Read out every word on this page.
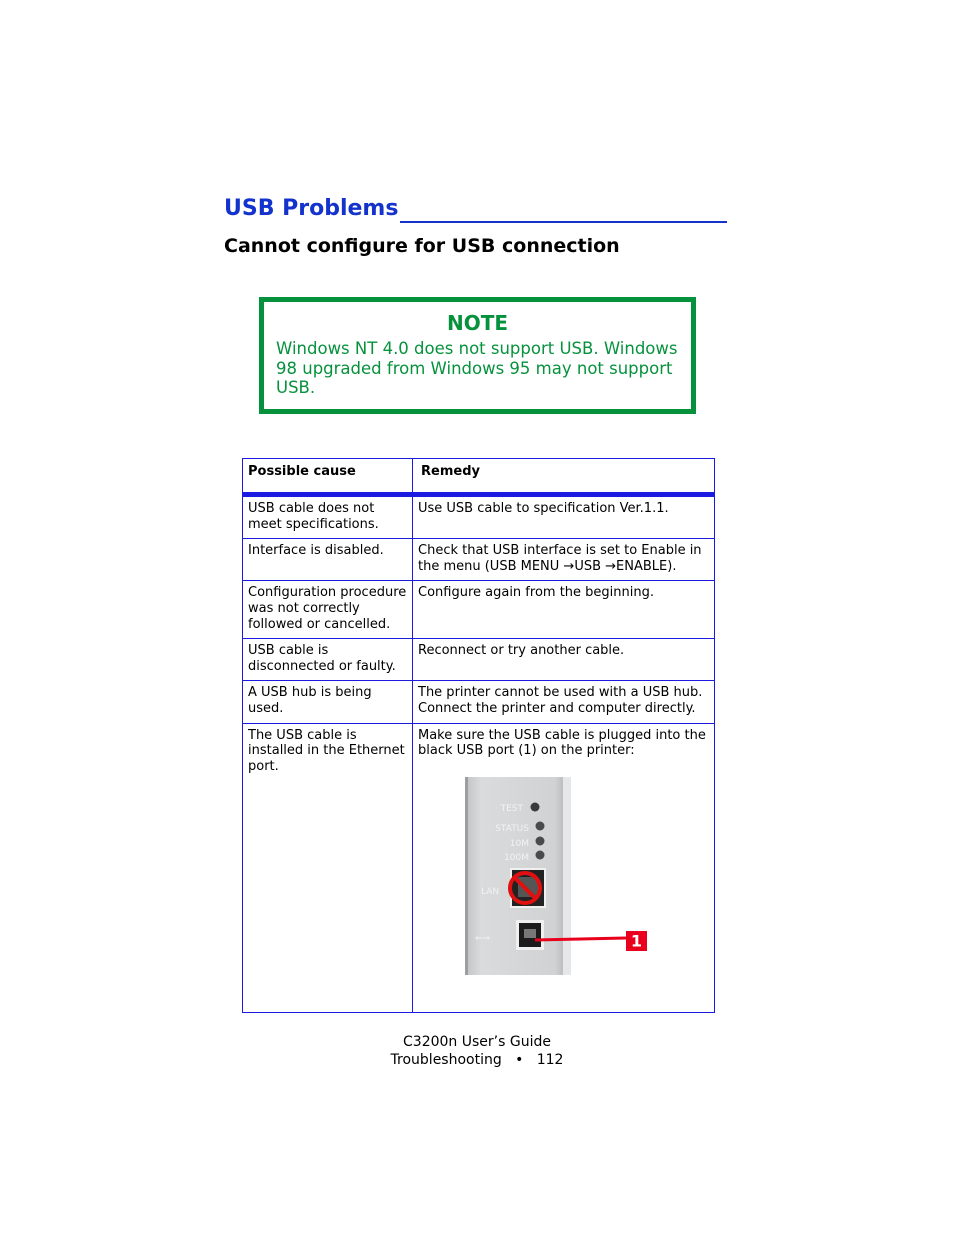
USB Problems
Cannot configure for USB connection
NOTE
Windows NT 4.0 does not support USB. Windows 98 upgraded from Windows 95 may not support USB.
Possible cause	Remedy
USB cable does not meet specifications.	Use USB cable to specification Ver.1.1.
Interface is disabled.	Check that USB interface is set to Enable in the menu (USB MENU →USB →ENABLE).
Configuration procedure was not correctly followed or cancelled.	Configure again from the beginning.
USB cable is disconnected or faulty.	Reconnect or try another cable.
A USB hub is being used.	The printer cannot be used with a USB hub. Connect the printer and computer directly.
The USB cable is installed in the Ethernet port.	Make sure the USB cable is plugged into the black USB port (1) on the printer:
TEST
STATUS
10M
100M
LAN
⇐⇒	1
C3200n User’s Guide
Troubleshooting • 112
